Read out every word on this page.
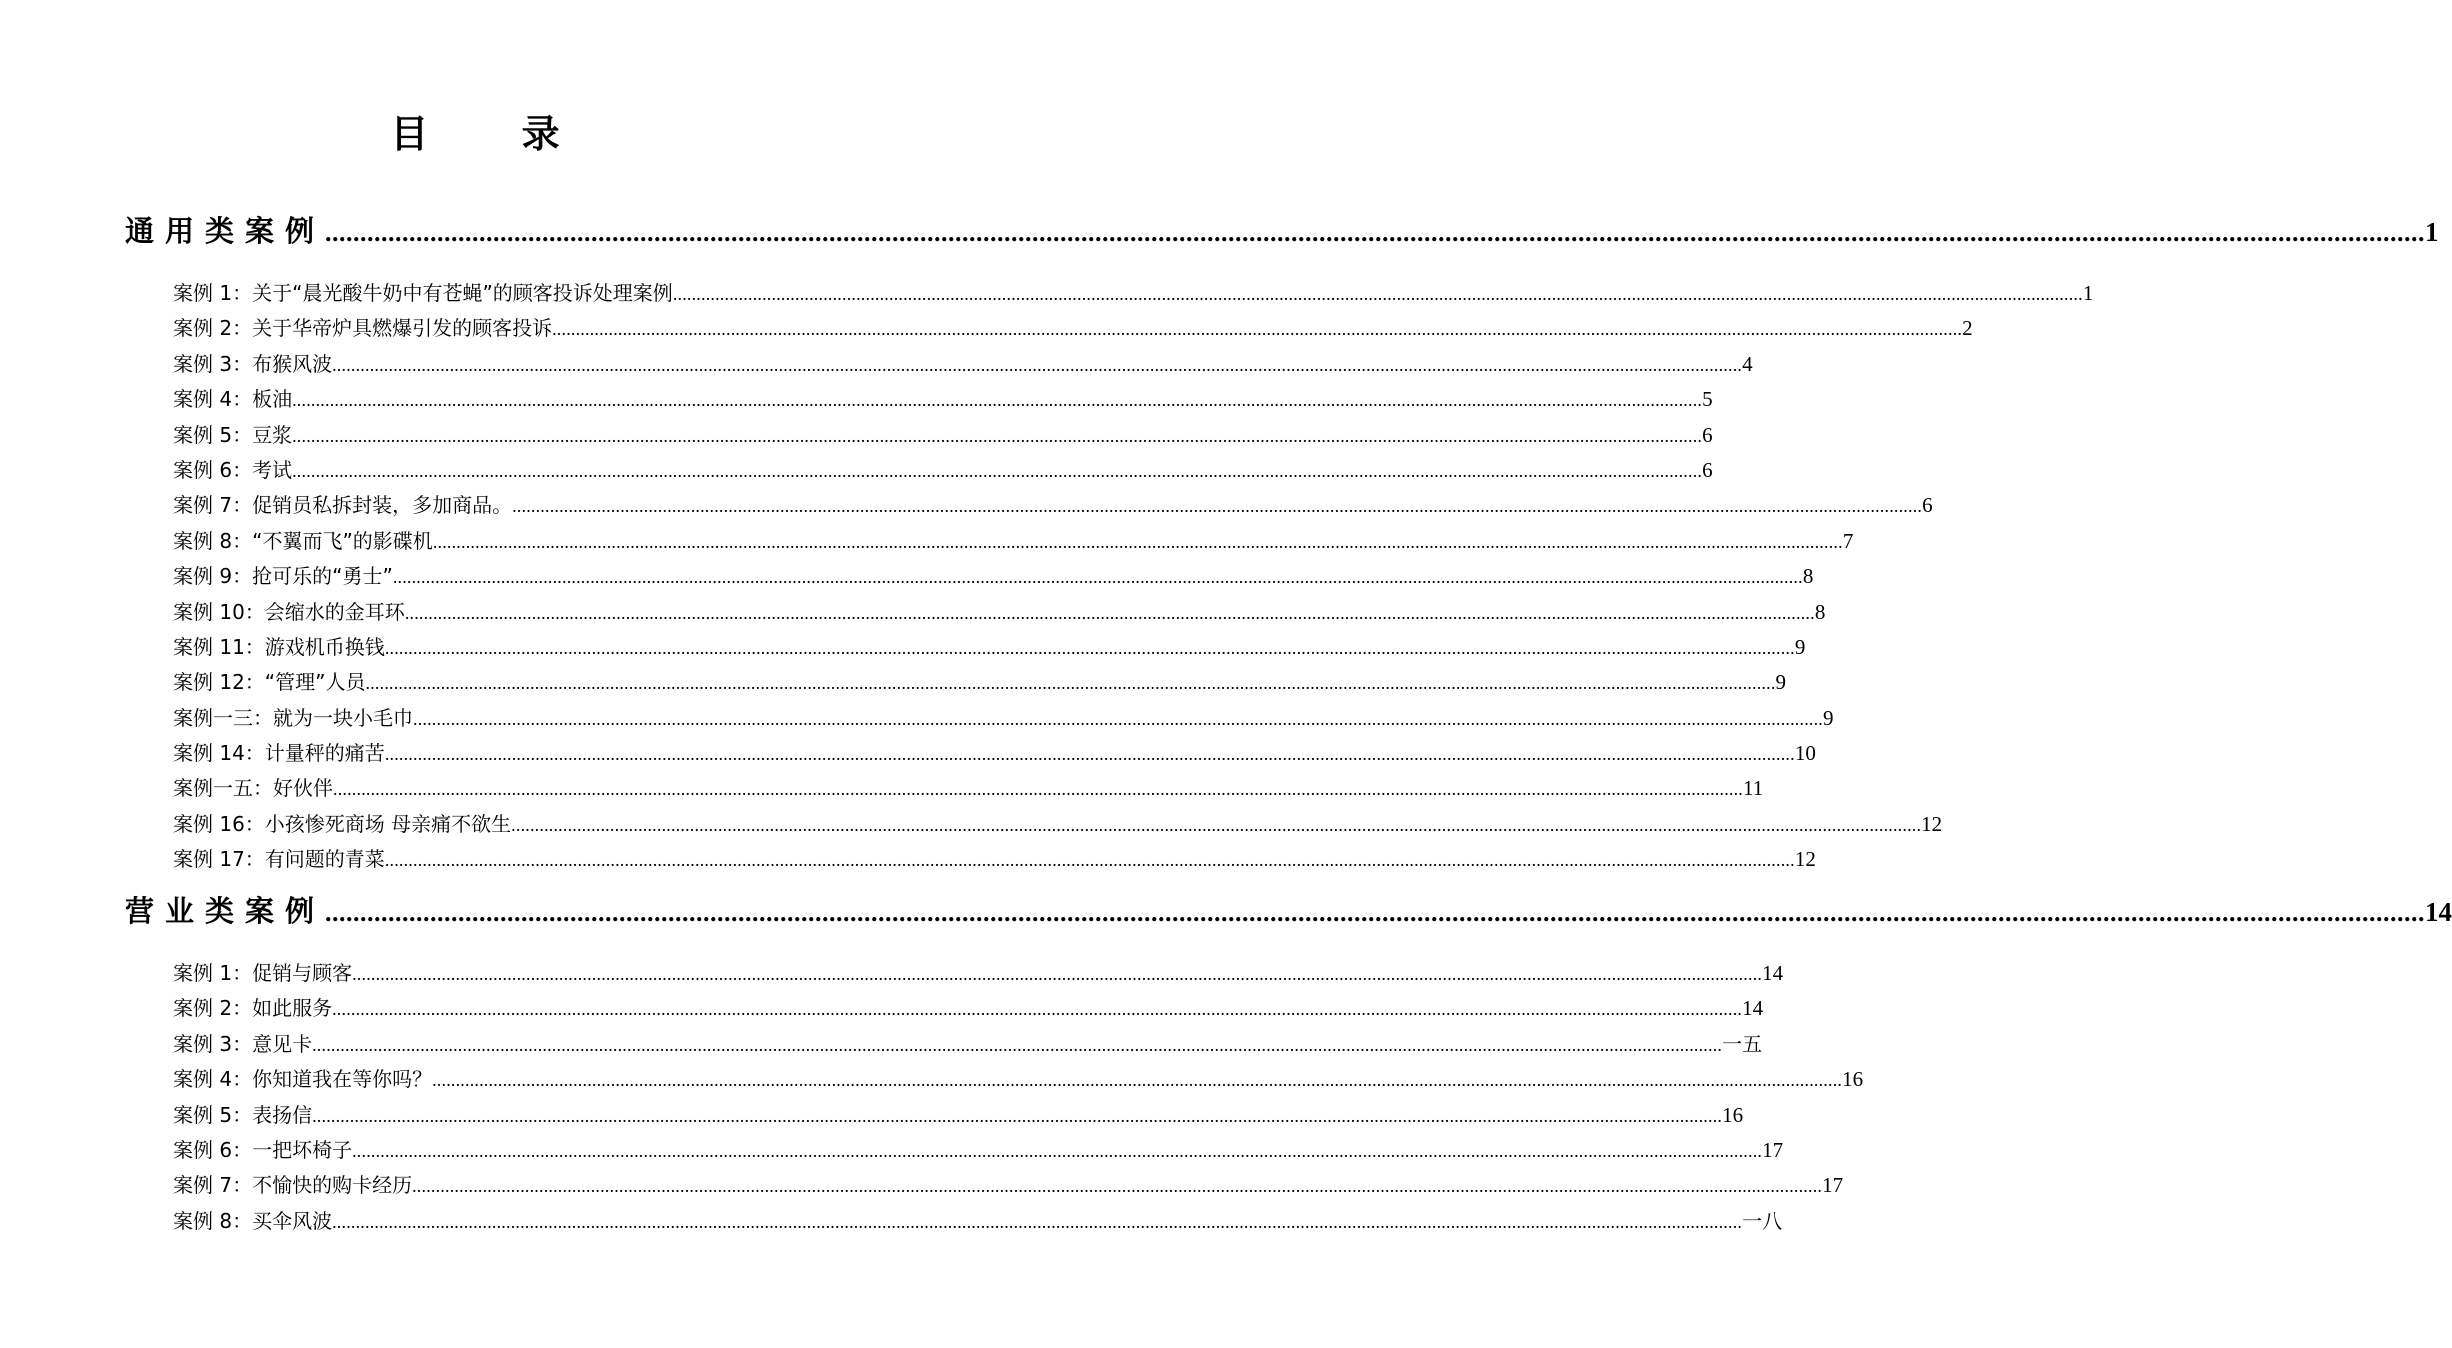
目 录
通用类案例 ............................................................................................................................................................................................................................................................................................................ 1
案例 1：关于“晨光酸牛奶中有苍蝇”的顾客投诉处理案例 ............................................................................................................................................................................................................................................................................................................ 1
案例 2：关于华帝炉具燃爆引发的顾客投诉 ............................................................................................................................................................................................................................................................................................................ 2
案例 3：布猴风波 ............................................................................................................................................................................................................................................................................................................ 4
案例 4：板油 ............................................................................................................................................................................................................................................................................................................ 5
案例 5：豆浆 ............................................................................................................................................................................................................................................................................................................ 6
案例 6：考试 ............................................................................................................................................................................................................................................................................................................ 6
案例 7：促销员私拆封装，多加商品。 ............................................................................................................................................................................................................................................................................................................ 6
案例 8：“不翼而飞”的影碟机 ............................................................................................................................................................................................................................................................................................................ 7
案例 9：抢可乐的“勇士” ............................................................................................................................................................................................................................................................................................................ 8
案例 10：会缩水的金耳环 ............................................................................................................................................................................................................................................................................................................ 8
案例 11：游戏机币换钱 ............................................................................................................................................................................................................................................................................................................ 9
案例 12：“管理”人员 ............................................................................................................................................................................................................................................................................................................ 9
案例一三：就为一块小毛巾 ............................................................................................................................................................................................................................................................................................................ 9
案例 14：计量秤的痛苦 ............................................................................................................................................................................................................................................................................................................ 10
案例一五：好伙伴 ............................................................................................................................................................................................................................................................................................................ 11
案例 16：小孩惨死商场 母亲痛不欲生 ............................................................................................................................................................................................................................................................................................................ 12
案例 17：有问题的青菜 ............................................................................................................................................................................................................................................................................................................ 12
营业类案例 ............................................................................................................................................................................................................................................................................................................ 14
案例 1：促销与顾客 ............................................................................................................................................................................................................................................................................................................ 14
案例 2：如此服务 ............................................................................................................................................................................................................................................................................................................ 14
案例 3：意见卡 ............................................................................................................................................................................................................................................................................................................ 一五
案例 4：你知道我在等你吗？ ............................................................................................................................................................................................................................................................................................................ 16
案例 5：表扬信 ............................................................................................................................................................................................................................................................................................................ 16
案例 6：一把坏椅子 ............................................................................................................................................................................................................................................................................................................ 17
案例 7：不愉快的购卡经历 ............................................................................................................................................................................................................................................................................................................ 17
案例 8：买伞风波 ............................................................................................................................................................................................................................................................................................................ 一八
